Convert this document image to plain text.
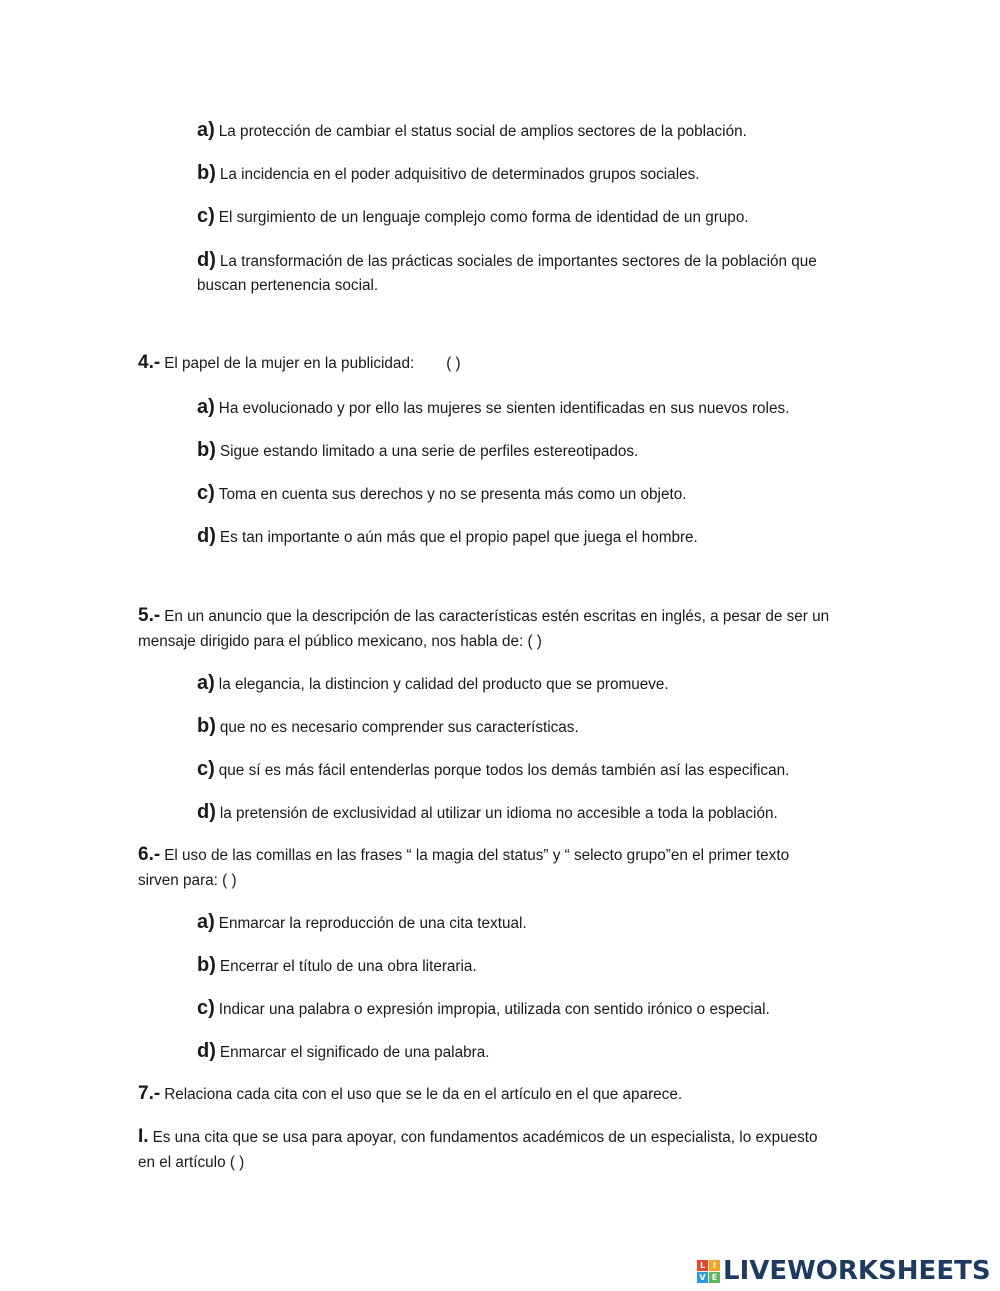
a) La protección de cambiar el status social de amplios sectores de la población.
b) La incidencia en el poder adquisitivo de determinados grupos sociales.
c) El surgimiento de un lenguaje complejo como forma de identidad de un grupo.
d) La transformación de las prácticas sociales de importantes sectores de la población que
buscan pertenencia social.
4.- El papel de la mujer en la publicidad: ( )
a) Ha evolucionado y por ello las mujeres se sienten identificadas en sus nuevos roles.
b) Sigue estando limitado a una serie de perfiles estereotipados.
c) Toma en cuenta sus derechos y no se presenta más como un objeto.
d) Es tan importante o aún más que el propio papel que juega el hombre.
5.- En un anuncio que la descripción de las características estén escritas en inglés, a pesar de ser un
mensaje dirigido para el público mexicano, nos habla de: ( )
a) la elegancia, la distincion y calidad del producto que se promueve.
b) que no es necesario comprender sus características.
c) que sí es más fácil entenderlas porque todos los demás también así las especifican.
d) la pretensión de exclusividad al utilizar un idioma no accesible a toda la población.
6.- El uso de las comillas en las frases “ la magia del status” y “ selecto grupo”en el primer texto
sirven para: ( )
a) Enmarcar la reproducción de una cita textual.
b) Encerrar el título de una obra literaria.
c) Indicar una palabra o expresión impropia, utilizada con sentido irónico o especial.
d) Enmarcar el significado de una palabra.
7.- Relaciona cada cita con el uso que se le da en el artículo en el que aparece.
I. Es una cita que se usa para apoyar, con fundamentos académicos de un especialista, lo expuesto
en el artículo ( )
L I
V E LIVEWORKSHEETS
